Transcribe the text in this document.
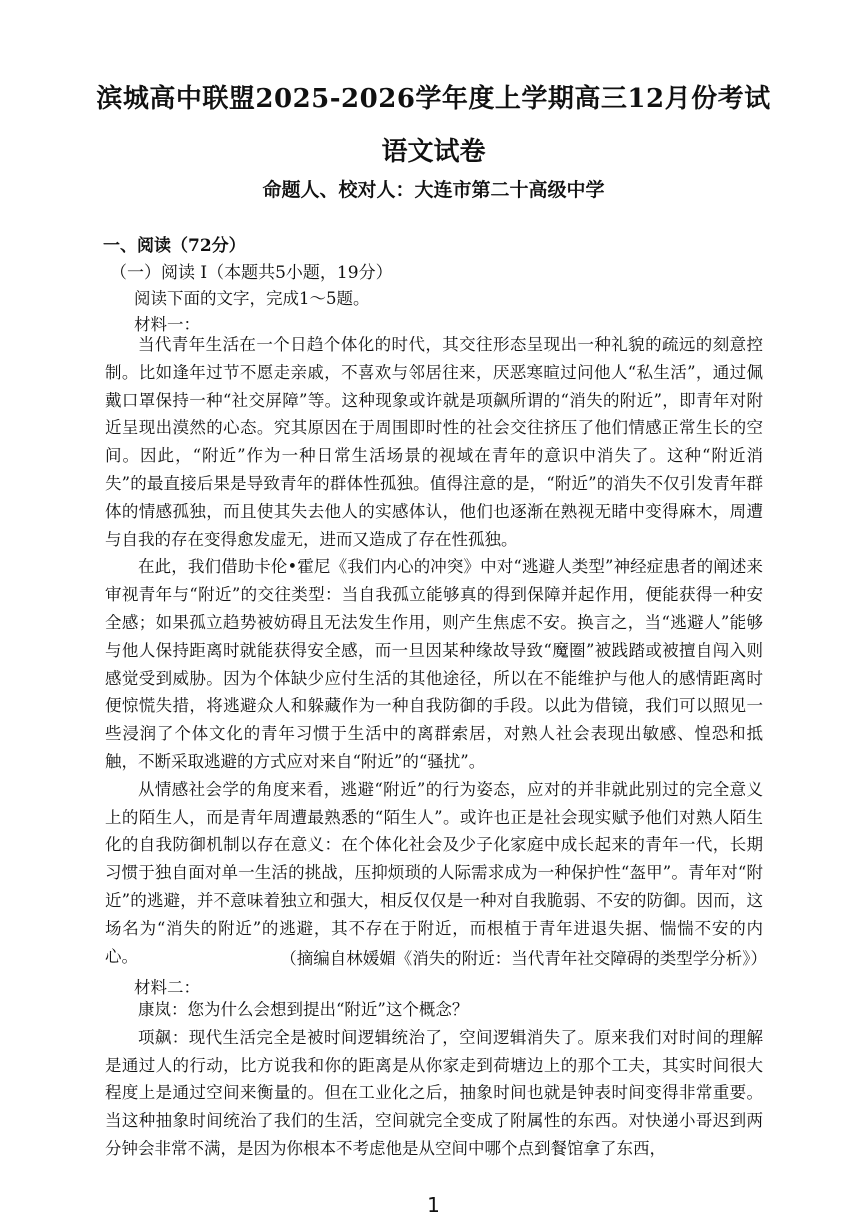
滨城高中联盟2025-2026学年度上学期高三12月份考试
语文试卷
命题人、校对人：大连市第二十高级中学
一、阅读（72分）
（一）阅读 I（本题共5小题，19分）
阅读下面的文字，完成1～5题。
材料一：

当代青年生活在一个日趋个体化的时代，其交往形态呈现出一种礼貌的疏远的刻意控制。比如逢年过节不愿走亲戚，不喜欢与邻居往来，厌恶寒暄过问他人“私生活”，通过佩戴口罩保持一种“社交屏障”等。这种现象或许就是项飙所谓的“消失的附近”，即青年对附近呈现出漠然的心态。究其原因在于周围即时性的社会交往挤压了他们情感正常生长的空间。因此，“附近”作为一种日常生活场景的视域在青年的意识中消失了。这种“附近消失”的最直接后果是导致青年的群体性孤独。值得注意的是，“附近”的消失不仅引发青年群体的情感孤独，而且使其失去他人的实感体认，他们也逐渐在熟视无睹中变得麻木，周遭与自我的存在变得愈发虚无，进而又造成了存在性孤独。

在此，我们借助卡伦•霍尼《我们内心的冲突》中对“逃避人类型”神经症患者的阐述来审视青年与“附近”的交往类型：当自我孤立能够真的得到保障并起作用，便能获得一种安全感；如果孤立趋势被妨碍且无法发生作用，则产生焦虑不安。换言之，当“逃避人”能够与他人保持距离时就能获得安全感，而一旦因某种缘故导致“魔圈”被践踏或被擅自闯入则感觉受到威胁。因为个体缺少应付生活的其他途径，所以在不能维护与他人的感情距离时便惊慌失措，将逃避众人和躲藏作为一种自我防御的手段。以此为借镜，我们可以照见一些浸润了个体文化的青年习惯于生活中的离群索居，对熟人社会表现出敏感、惶恐和抵触，不断采取逃避的方式应对来自“附近”的“骚扰”。

从情感社会学的角度来看，逃避“附近”的行为姿态，应对的并非就此别过的完全意义上的陌生人，而是青年周遭最熟悉的“陌生人”。或许也正是社会现实赋予他们对熟人陌生化的自我防御机制以存在意义：在个体化社会及少子化家庭中成长起来的青年一代，长期习惯于独自面对单一生活的挑战，压抑烦琐的人际需求成为一种保护性“盔甲”。青年对“附近”的逃避，并不意味着独立和强大，相反仅仅是一种对自我脆弱、不安的防御。因而，这场名为“消失的附近”的逃避，其不存在于附近，而根植于青年进退失据、惴惴不安的内心。	（摘编自林媛媚《消失的附近：当代青年社交障碍的类型学分析》）
材料二：

康岚：您为什么会想到提出“附近”这个概念？

项飙：现代生活完全是被时间逻辑统治了，空间逻辑消失了。原来我们对时间的理解是通过人的行动，比方说我和你的距离是从你家走到荷塘边上的那个工夫，其实时间很大程度上是通过空间来衡量的。但在工业化之后，抽象时间也就是钟表时间变得非常重要。当这种抽象时间统治了我们的生活，空间就完全变成了附属性的东西。对快递小哥迟到两分钟会非常不满，是因为你根本不考虑他是从空间中哪个点到餐馆拿了东西，

1
